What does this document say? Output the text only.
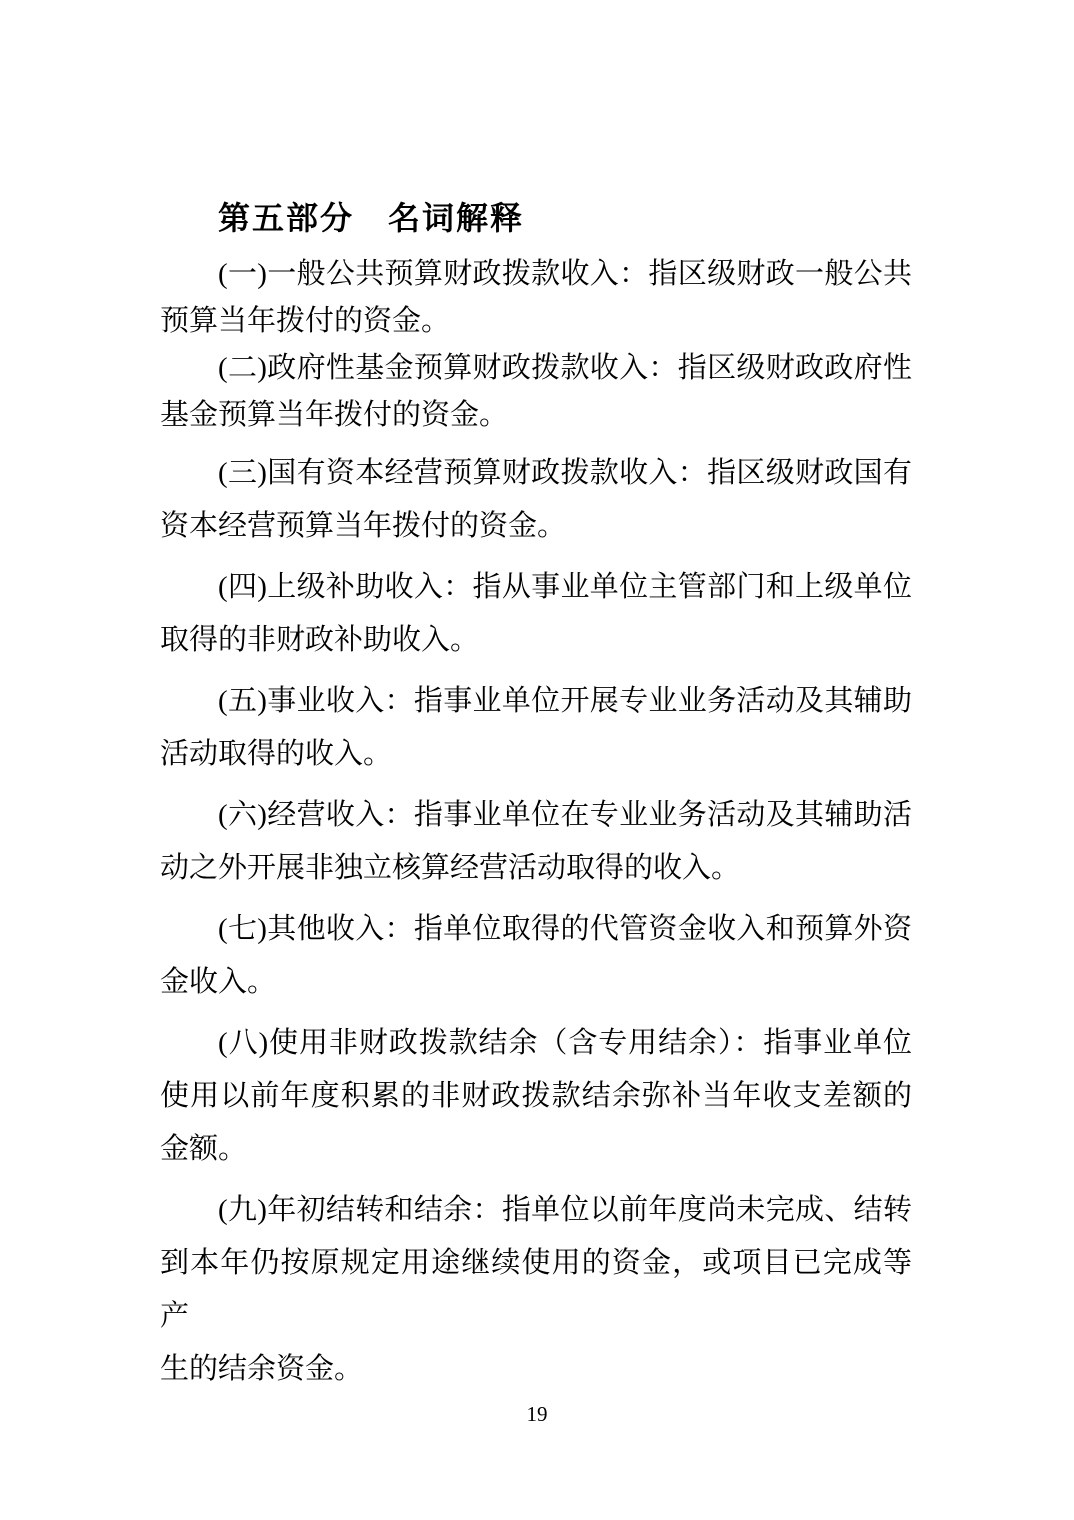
第五部分　名词解释

(一)一般公共预算财政拨款收入：指区级财政一般公共
预算当年拨付的资金。

(二)政府性基金预算财政拨款收入：指区级财政政府性
基金预算当年拨付的资金。

(三)国有资本经营预算财政拨款收入：指区级财政国有
资本经营预算当年拨付的资金。

(四)上级补助收入：指从事业单位主管部门和上级单位
取得的非财政补助收入。

(五)事业收入：指事业单位开展专业业务活动及其辅助
活动取得的收入。

(六)经营收入：指事业单位在专业业务活动及其辅助活
动之外开展非独立核算经营活动取得的收入。

(七)其他收入：指单位取得的代管资金收入和预算外资
金收入。

(八)使用非财政拨款结余（含专用结余）：指事业单位
使用以前年度积累的非财政拨款结余弥补当年收支差额的
金额。

(九)年初结转和结余：指单位以前年度尚未完成、结转
到本年仍按原规定用途继续使用的资金，或项目已完成等产
生的结余资金。

19
